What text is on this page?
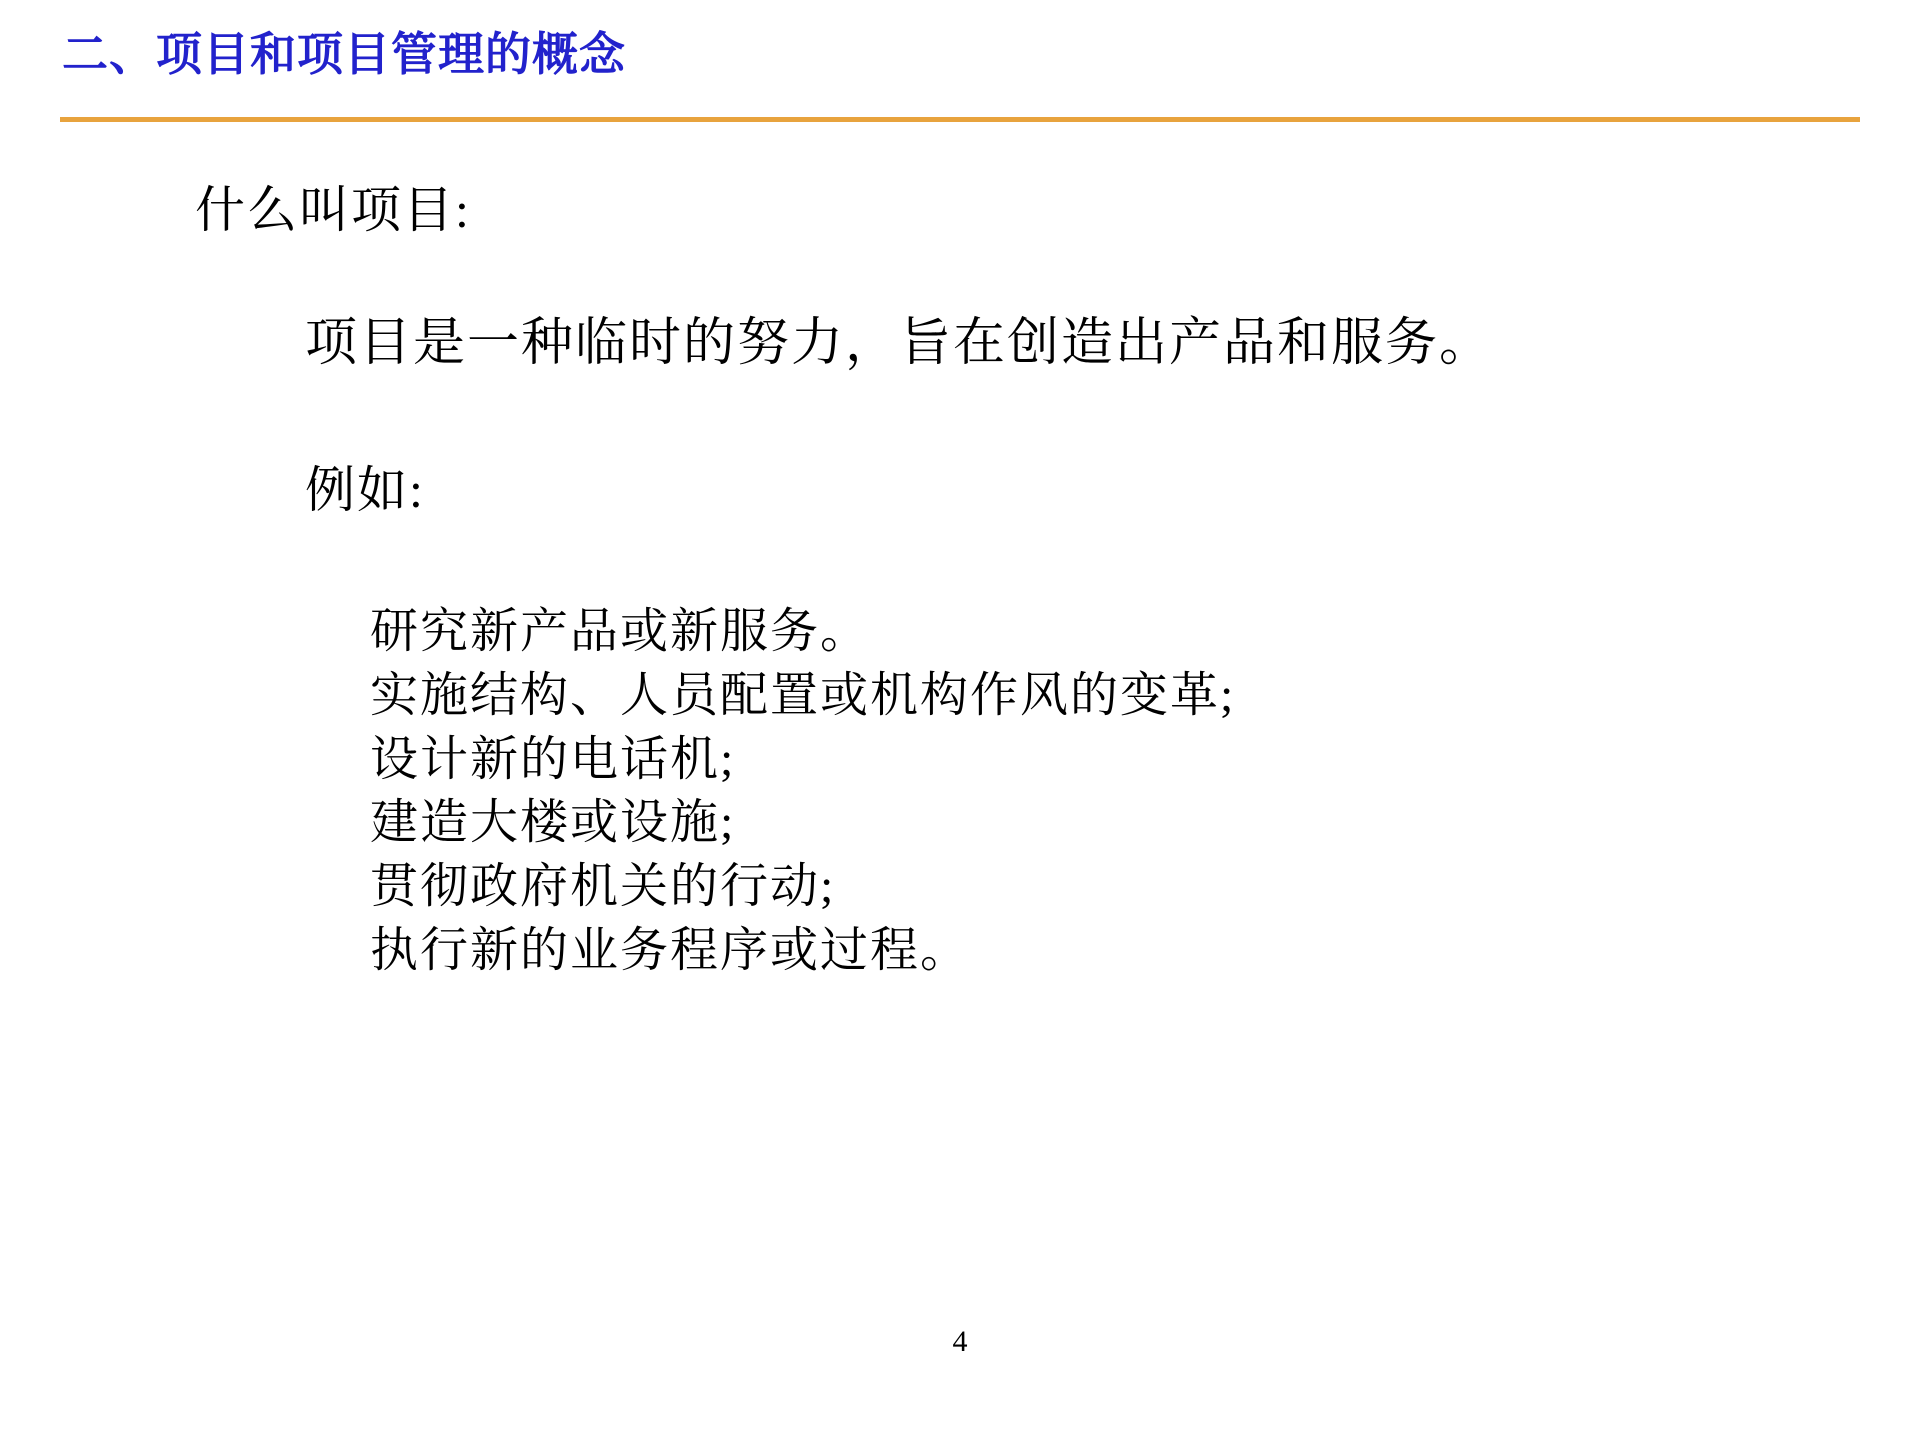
二、项目和项目管理的概念
什么叫项目:
项目是一种临时的努力，旨在创造出产品和服务。
例如:
研究新产品或新服务。
实施结构、人员配置或机构作风的变革;
设计新的电话机;
建造大楼或设施;
贯彻政府机关的行动;
执行新的业务程序或过程。
4
